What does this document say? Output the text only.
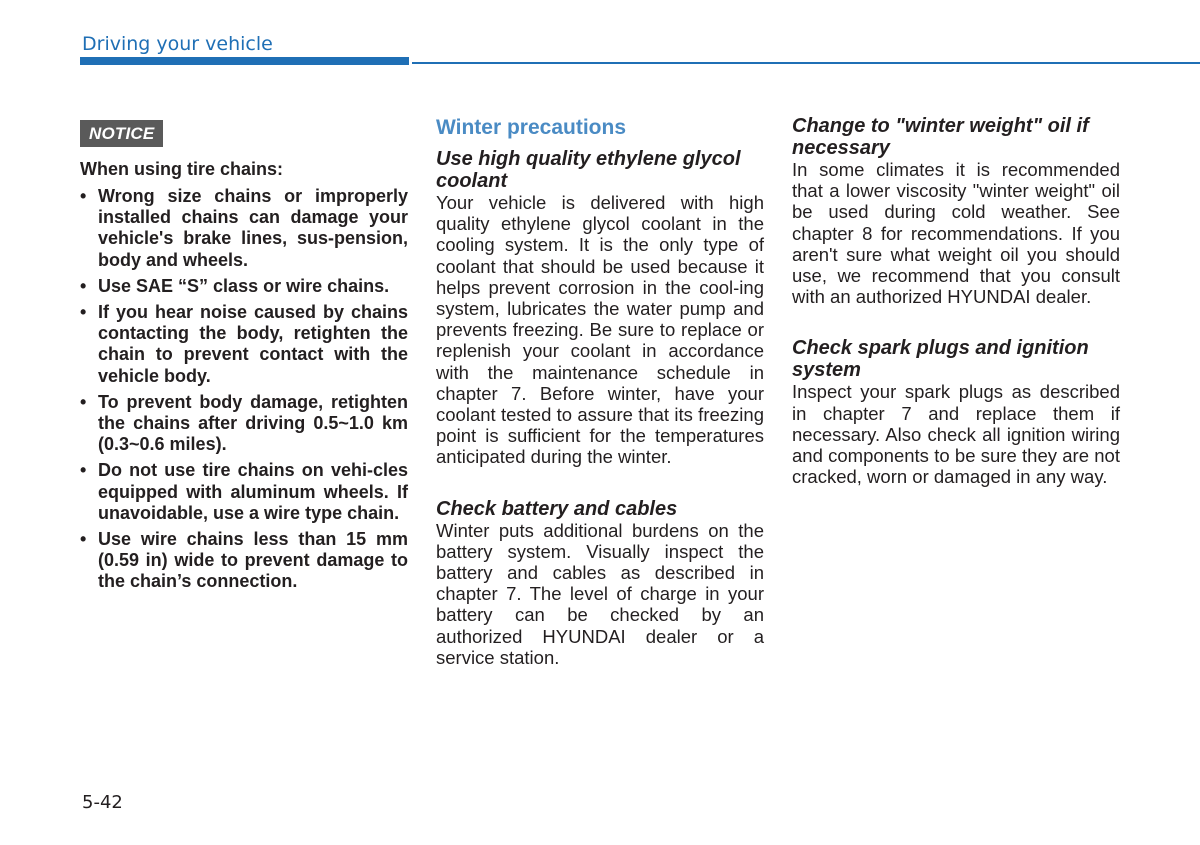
Driving your vehicle
NOTICE
When using tire chains:
• Wrong size chains or improperly installed chains can damage your vehicle's brake lines, sus-pension, body and wheels.
• Use SAE “S” class or wire chains.
• If you hear noise caused by chains contacting the body, retighten the chain to prevent contact with the vehicle body.
• To prevent body damage, retighten the chains after driving 0.5~1.0 km (0.3~0.6 miles).
• Do not use tire chains on vehi-cles equipped with aluminum wheels. If unavoidable, use a wire type chain.
• Use wire chains less than 15 mm (0.59 in) wide to prevent damage to the chain’s connection.
Winter precautions
Use high quality ethylene glycol coolant

Your vehicle is delivered with high quality ethylene glycol coolant in the cooling system. It is the only type of coolant that should be used because it helps prevent corrosion in the cool-ing system, lubricates the water pump and prevents freezing. Be sure to replace or replenish your coolant in accordance with the maintenance schedule in chapter 7. Before winter, have your coolant tested to assure that its freezing point is sufficient for the temperatures anticipated during the winter.

Check battery and cables

Winter puts additional burdens on the battery system. Visually inspect the battery and cables as described in chapter 7. The level of charge in your battery can be checked by an authorized HYUNDAI dealer or a service station.

Change to "winter weight" oil if necessary

In some climates it is recommended that a lower viscosity "winter weight" oil be used during cold weather. See chapter 8 for recommendations. If you aren't sure what weight oil you should use, we recommend that you consult with an authorized HYUNDAI dealer.

Check spark plugs and ignition system

Inspect your spark plugs as described in chapter 7 and replace them if necessary. Also check all ignition wiring and components to be sure they are not cracked, worn or damaged in any way.

5-42
